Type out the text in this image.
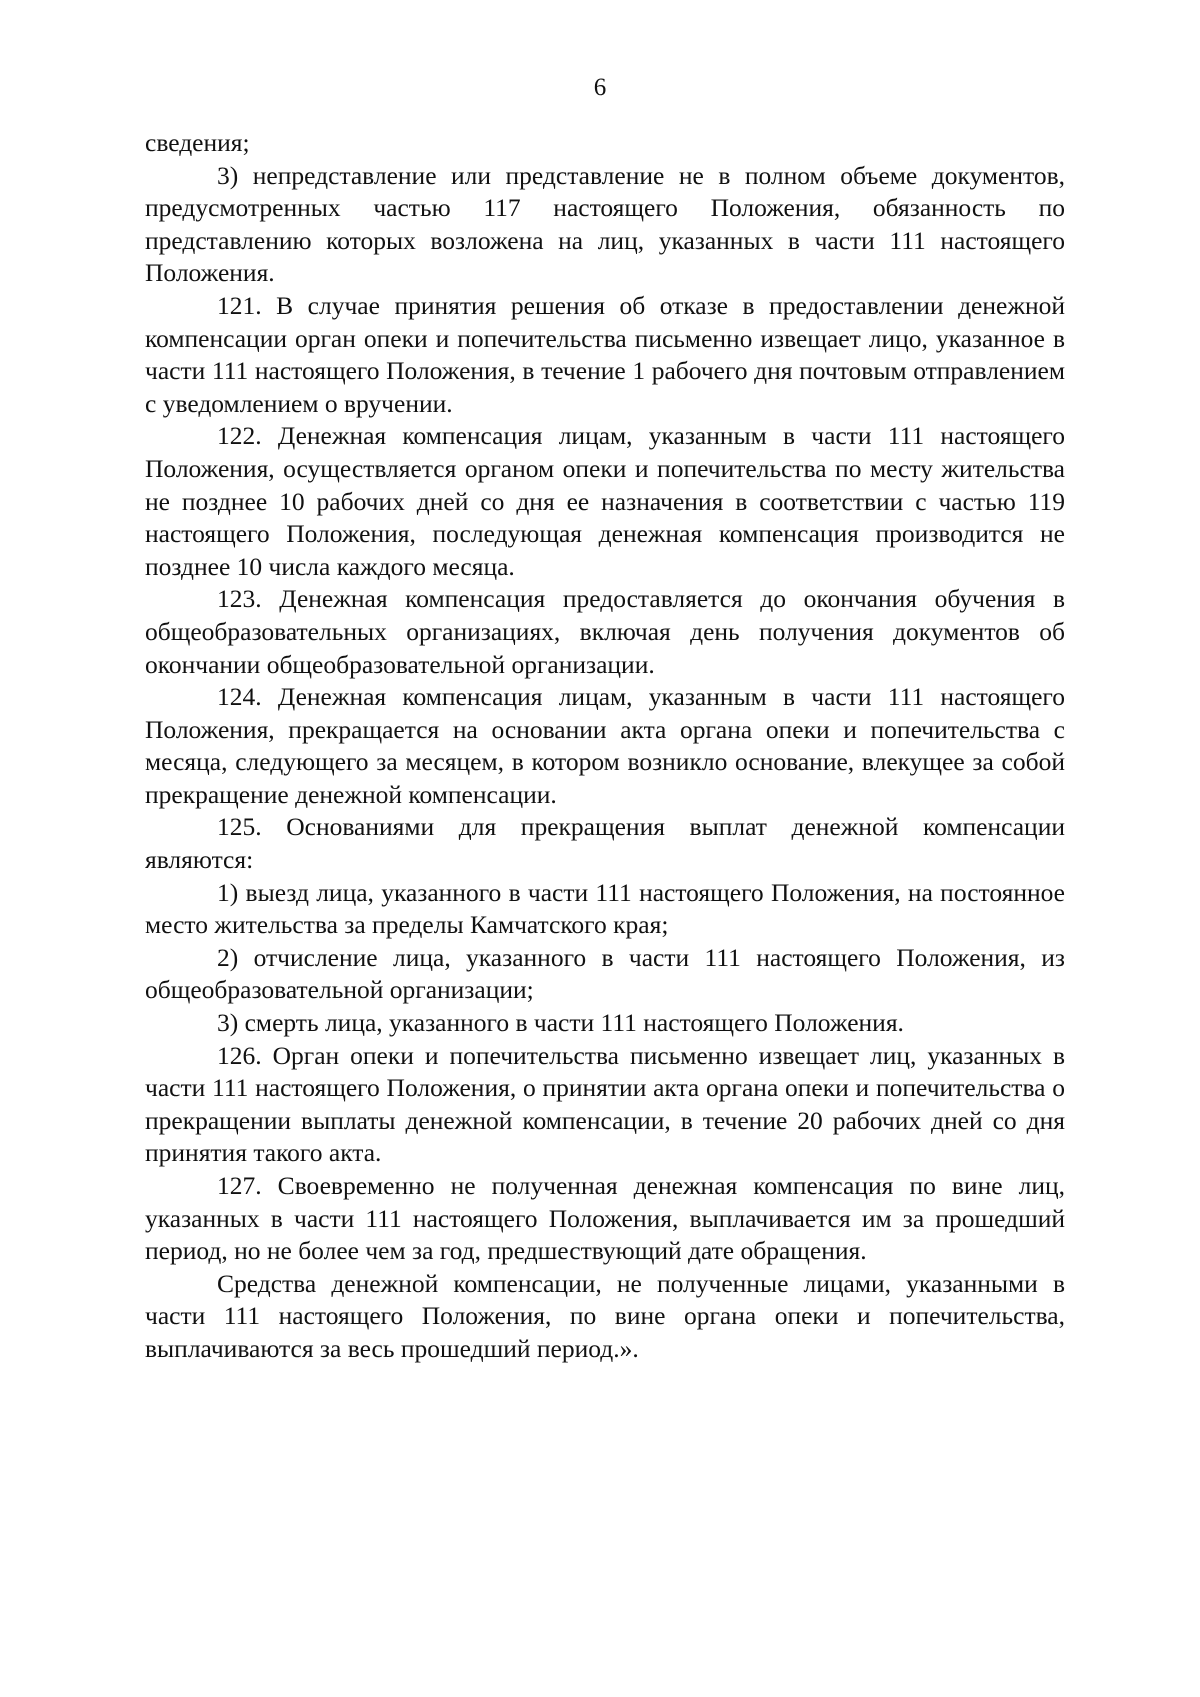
6

сведения;

3) непредставление или представление не в полном объеме документов, предусмотренных частью 117 настоящего Положения, обязанность по представлению которых возложена на лиц, указанных в части 111 настоящего Положения.

121. В случае принятия решения об отказе в предоставлении денежной компенсации орган опеки и попечительства письменно извещает лицо, указанное в части 111 настоящего Положения, в течение 1 рабочего дня почтовым отправлением с уведомлением о вручении.

122. Денежная компенсация лицам, указанным в части 111 настоящего Положения, осуществляется органом опеки и попечительства по месту жительства не позднее 10 рабочих дней со дня ее назначения в соответствии с частью 119 настоящего Положения, последующая денежная компенсация производится не позднее 10 числа каждого месяца.

123. Денежная компенсация предоставляется до окончания обучения в общеобразовательных организациях, включая день получения документов об окончании общеобразовательной организации.

124. Денежная компенсация лицам, указанным в части 111 настоящего Положения, прекращается на основании акта органа опеки и попечительства с месяца, следующего за месяцем, в котором возникло основание, влекущее за собой прекращение денежной компенсации.

125. Основаниями для прекращения выплат денежной компенсации являются:

1) выезд лица, указанного в части 111 настоящего Положения, на постоянное место жительства за пределы Камчатского края;

2) отчисление лица, указанного в части 111 настоящего Положения, из общеобразовательной организации;

3) смерть лица, указанного в части 111 настоящего Положения.

126. Орган опеки и попечительства письменно извещает лиц, указанных в части 111 настоящего Положения, о принятии акта органа опеки и попечительства о прекращении выплаты денежной компенсации, в течение 20 рабочих дней со дня принятия такого акта.

127. Своевременно не полученная денежная компенсация по вине лиц, указанных в части 111 настоящего Положения, выплачивается им за прошедший период, но не более чем за год, предшествующий дате обращения.

Средства денежной компенсации, не полученные лицами, указанными в части 111 настоящего Положения, по вине органа опеки и попечительства, выплачиваются за весь прошедший период.».
